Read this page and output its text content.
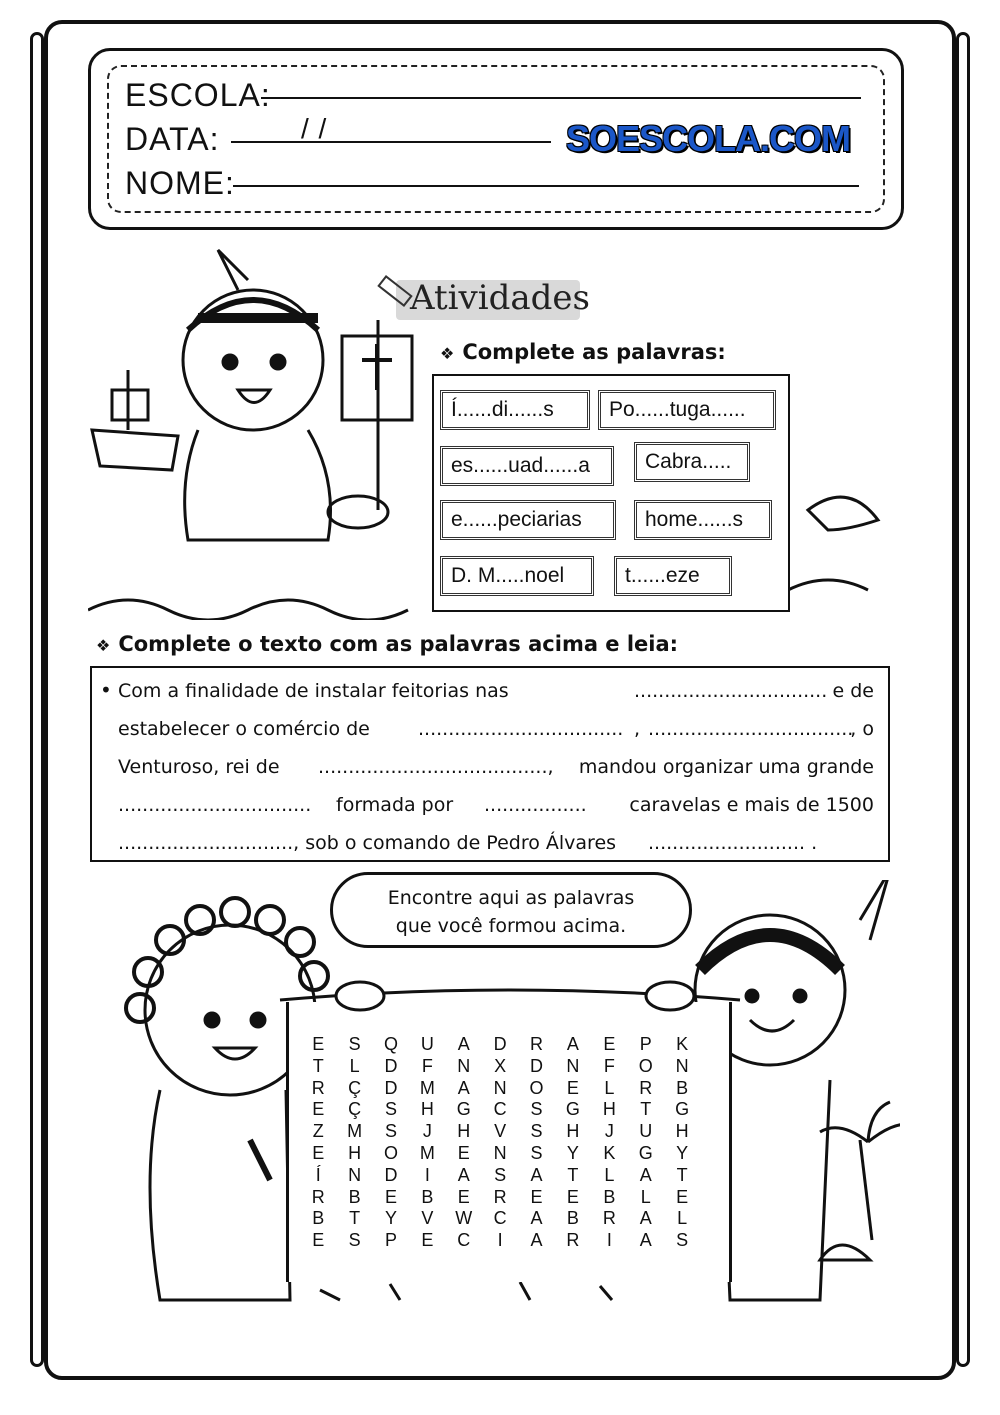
ESCOLA:
DATA:	/ /
NOME:
SOESCOLA.COM
Atividades
❖ Complete as palavras:
Í......di......s	Po......tuga......
es......uad......a	Cabra.....
e......peciarias	home......s
D. M.....noel	t......eze
❖ Complete o texto com as palavras acima e leia:
• Com a finalidade de instalar feitorias nas	................................ e de
estabelecer o comércio de	.................................. , ..................................
, o
Venturoso, rei de ......................................, mandou organizar uma grande
................................ formada por ................. caravelas e mais de 1500
............................., sob o comando de Pedro Álvares .......................... .
Encontre aqui as palavras
que você formou acima.
E	S	Q	U	A	D	R	A	E	P	K
T	L	D	F	N	X	D	N	F	O	N
R	Ç	D	M	A	N	O	E	L	R	B
E	Ç	S	H	G	C	S	G	H	T	G
Z	M	S	J	H	V	S	H	J	U	H
E	H	O	M	E	N	S	Y	K	G	Y
Í	N	D	I	A	S	A	T	L	A	T
R	B	E	B	E	R	E	E	B	L	E
B	T	Y	V	W	C	A	B	R	A	L
E	S	P	E	C	I	A	R	I	A	S
